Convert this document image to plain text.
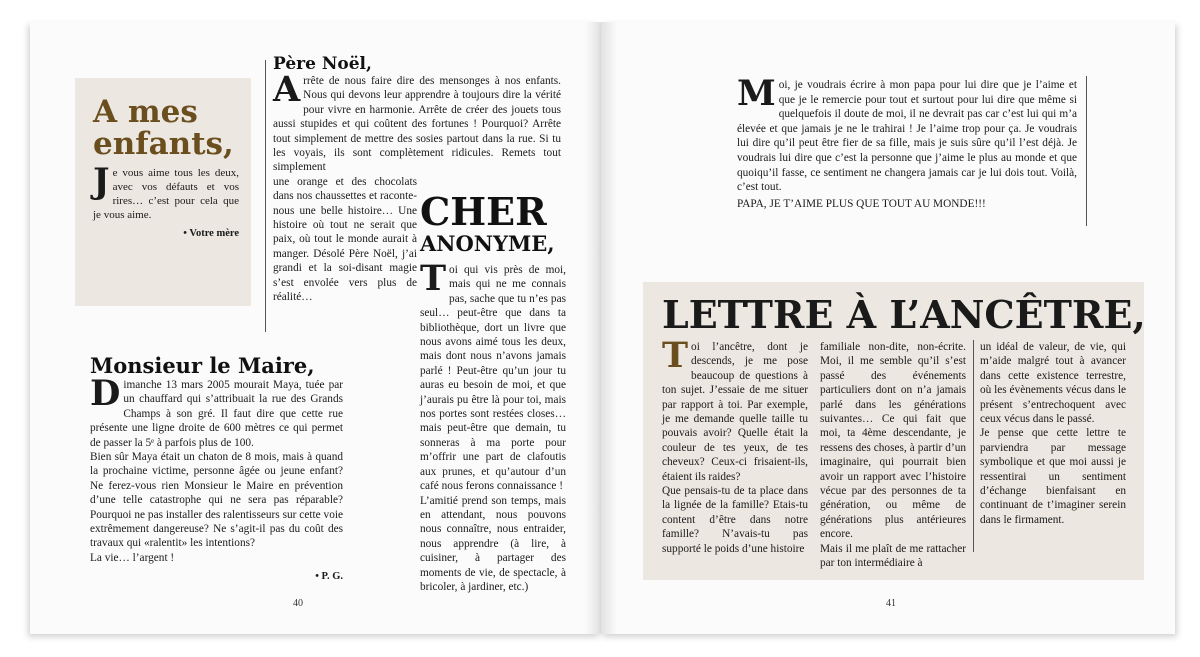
A mes
enfants,

Je vous aime tous les deux, avec vos défauts et vos rires… c’est pour cela que je vous aime.

• Votre mère
Père Noël,

Arrête de nous faire dire des mensonges à nos enfants. Nous qui devons leur apprendre à toujours dire la vérité pour vivre en harmonie. Arrête de créer des jouets tous aussi stupides et qui coûtent des fortunes ! Pourquoi? Arrête tout simplement de mettre des sosies partout dans la rue. Si tu les voyais, ils sont complètement ridicules. Remets tout simplement

une orange et des chocolats dans nos chaussettes et raconte-nous une belle histoire… Une histoire où tout ne serait que paix, où tout le monde aurait à manger. Désolé Père Noël, j’ai grandi et la soi-disant magie s’est envolée vers plus de réalité…

CHER
ANONYME,

Toi qui vis près de moi, mais qui ne me connais pas, sache que tu n’es pas seul… peut-être que dans ta bibliothèque, dort un livre que nous avons aimé tous les deux, mais dont nous n’avons jamais parlé ! Peut-être qu’un jour tu auras eu besoin de moi, et que j’aurais pu être là pour toi, mais nos portes sont restées closes… mais peut-être que demain, tu sonneras à ma porte pour m’offrir une part de clafoutis aux prunes, et qu’autour d’un café nous ferons connaissance !

L’amitié prend son temps, mais en attendant, nous pouvons nous connaître, nous entraider, nous apprendre (à lire, à cuisiner, à partager des moments de vie, de spectacle, à bricoler, à jardiner, etc.)

Monsieur le Maire,

Dimanche 13 mars 2005 mourait Maya, tuée par un chauffard qui s’attribuait la rue des Grands Champs à son gré. Il faut dire que cette rue présente une ligne droite de 600 mètres ce qui permet de passer la 5ᵉ à parfois plus de 100.

Bien sûr Maya était un chaton de 8 mois, mais à quand la prochaine victime, personne âgée ou jeune enfant? Ne ferez-vous rien Monsieur le Maire en prévention d’une telle catastrophe qui ne sera pas réparable? Pourquoi ne pas installer des ralentisseurs sur cette voie extrêmement dangereuse? Ne s’agit-il pas du coût des travaux qui «ralentit» les intentions?

La vie… l’argent !

• P. G.
40

Moi, je voudrais écrire à mon papa pour lui dire que je l’aime et que je le remercie pour tout et surtout pour lui dire que même si quelquefois il doute de moi, il ne devrait pas car c’est lui qui m’a élevée et que jamais je ne le trahirai ! Je l’aime trop pour ça. Je voudrais lui dire qu’il peut être fier de sa fille, mais je suis sûre qu’il l’est déjà. Je voudrais lui dire que c’est la personne que j’aime le plus au monde et que quoiqu’il fasse, ce sentiment ne changera jamais car je lui dois tout. Voilà, c’est tout.

PAPA, JE T’AIME PLUS QUE TOUT AU MONDE!!!

LETTRE À L’ANCÊTRE,

Toi l’ancêtre, dont je descends, je me pose beaucoup de questions à ton sujet. J’essaie de me situer par rapport à toi. Par exemple, je me demande quelle taille tu pouvais avoir? Quelle était la couleur de tes yeux, de tes cheveux? Ceux-ci frisaient-ils, étaient ils raides?

Que pensais-tu de ta place dans la lignée de la famille? Etais-tu content d’être dans notre famille? N’avais-tu pas supporté le poids d’une histoire

familiale non-dite, non-écrite. Moi, il me semble qu’il s’est passé des événements particuliers dont on n’a jamais parlé dans les générations suivantes… Ce qui fait que moi, ta 4ème descendante, je ressens des choses, à partir d’un imaginaire, qui pourrait bien avoir un rapport avec l’histoire vécue par des personnes de ta génération, ou même de générations plus antérieures encore.

Mais il me plaît de me rattacher par ton intermédiaire à

un idéal de valeur, de vie, qui m’aide malgré tout à avancer dans cette existence terrestre, où les évènements vécus dans le présent s’entrechoquent avec ceux vécus dans le passé.

Je pense que cette lettre te parviendra par message symbolique et que moi aussi je ressentirai un sentiment d’échange bienfaisant en continuant de t’imaginer serein dans le firmament.

41
